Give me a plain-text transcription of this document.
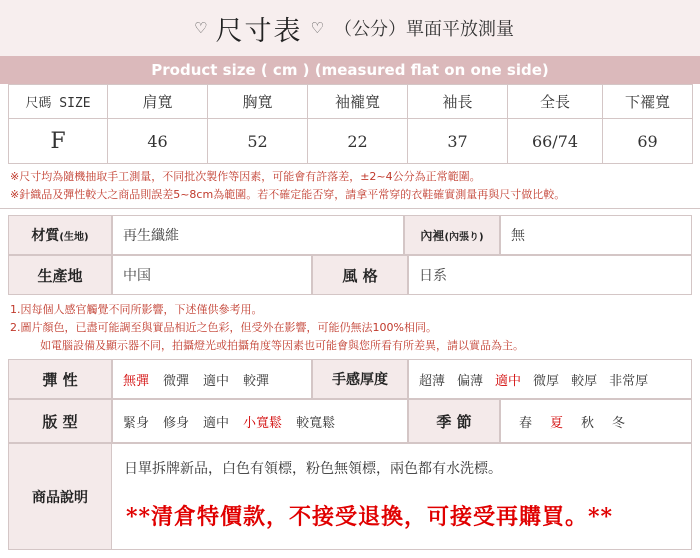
♡ 尺寸表 ♡ （公分）單面平放測量
Product size ( cm ) (measured flat on one side)
尺碼 SIZE	肩寬	胸寬	袖襱寬	袖長	全長	下襬寬
F	46	52	22	37	66/74	69
※尺寸均為隨機抽取手工測量，不同批次製作等因素，可能會有許落差，±2~4公分為正常範圍。
※針織品及彈性較大之商品則誤差5~8cm為範圍。若不確定能否穿，請拿平常穿的衣鞋確實測量再與尺寸做比較。
材質 (生地)	再生纖維	內裡 (內張り)	無
生產地	中国	風 格	日系
1.因每個人感官觸覺不同所影響，下述僅供參考用。
2.圖片顏色，已盡可能調至與實品相近之色彩，但受外在影響，可能仍無法100%相同。
如電腦設備及顯示器不同，拍攝燈光或拍攝角度等因素也可能會與您所看有所差異，請以實品為主。
彈 性	無彈 微彈 適中 較彈	手感厚度	超薄 偏薄 適中 微厚 較厚 非常厚
版 型	緊身 修身 適中 小寬鬆 較寬鬆	季 節	春 夏 秋 冬
商品說明
日單拆牌新品，白色有領標，粉色無領標，兩色都有水洗標。
**清倉特價款，不接受退換，可接受再購買。**
